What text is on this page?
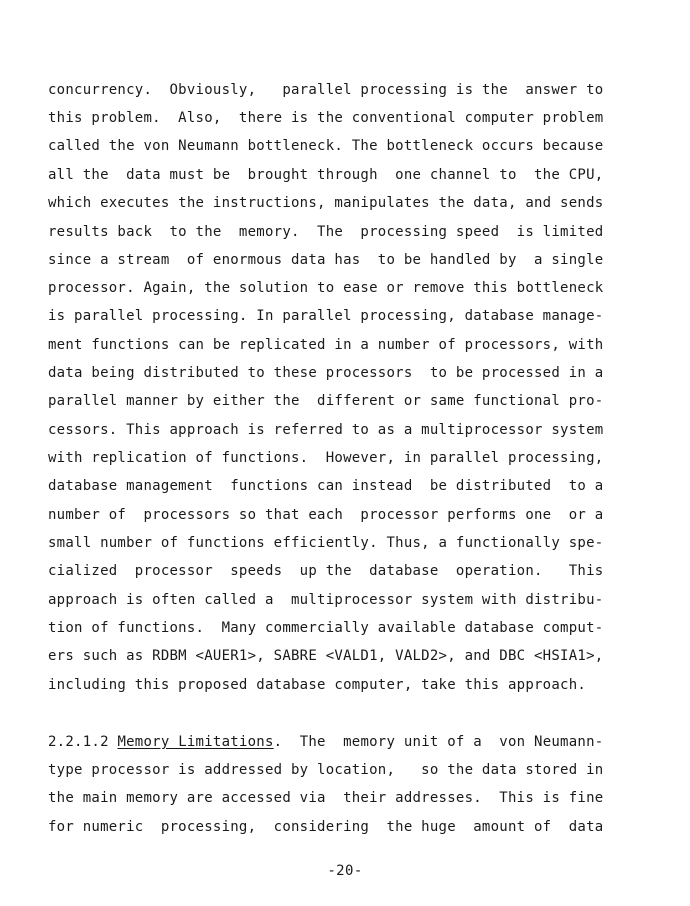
concurrency.  Obviously,   parallel processing is the  answer to
this problem.  Also,  there is the conventional computer problem
called the von Neumann bottleneck. The bottleneck occurs because
all the  data must be  brought through  one channel to  the CPU,
which executes the instructions, manipulates the data, and sends
results back  to the  memory.  The  processing speed  is limited
since a stream  of enormous data has  to be handled by  a single
processor. Again, the solution to ease or remove this bottleneck
is parallel processing. In parallel processing, database manage-
ment functions can be replicated in a number of processors, with
data being distributed to these processors  to be processed in a
parallel manner by either the  different or same functional pro-
cessors. This approach is referred to as a multiprocessor system
with replication of functions.  However, in parallel processing,
database management  functions can instead  be distributed  to a
number of  processors so that each  processor performs one  or a
small number of functions efficiently. Thus, a functionally spe-
cialized  processor  speeds  up the  database  operation.   This
approach is often called a  multiprocessor system with distribu-
tion of functions.  Many commercially available database comput-
ers such as RDBM <AUER1>, SABRE <VALD1, VALD2>, and DBC <HSIA1>,
including this proposed database computer, take this approach.
2.2.1.2 Memory Limitations.  The  memory unit of a  von Neumann-
type processor is addressed by location,   so the data stored in
the main memory are accessed via  their addresses.  This is fine
for numeric  processing,  considering  the huge  amount of  data
-20-
